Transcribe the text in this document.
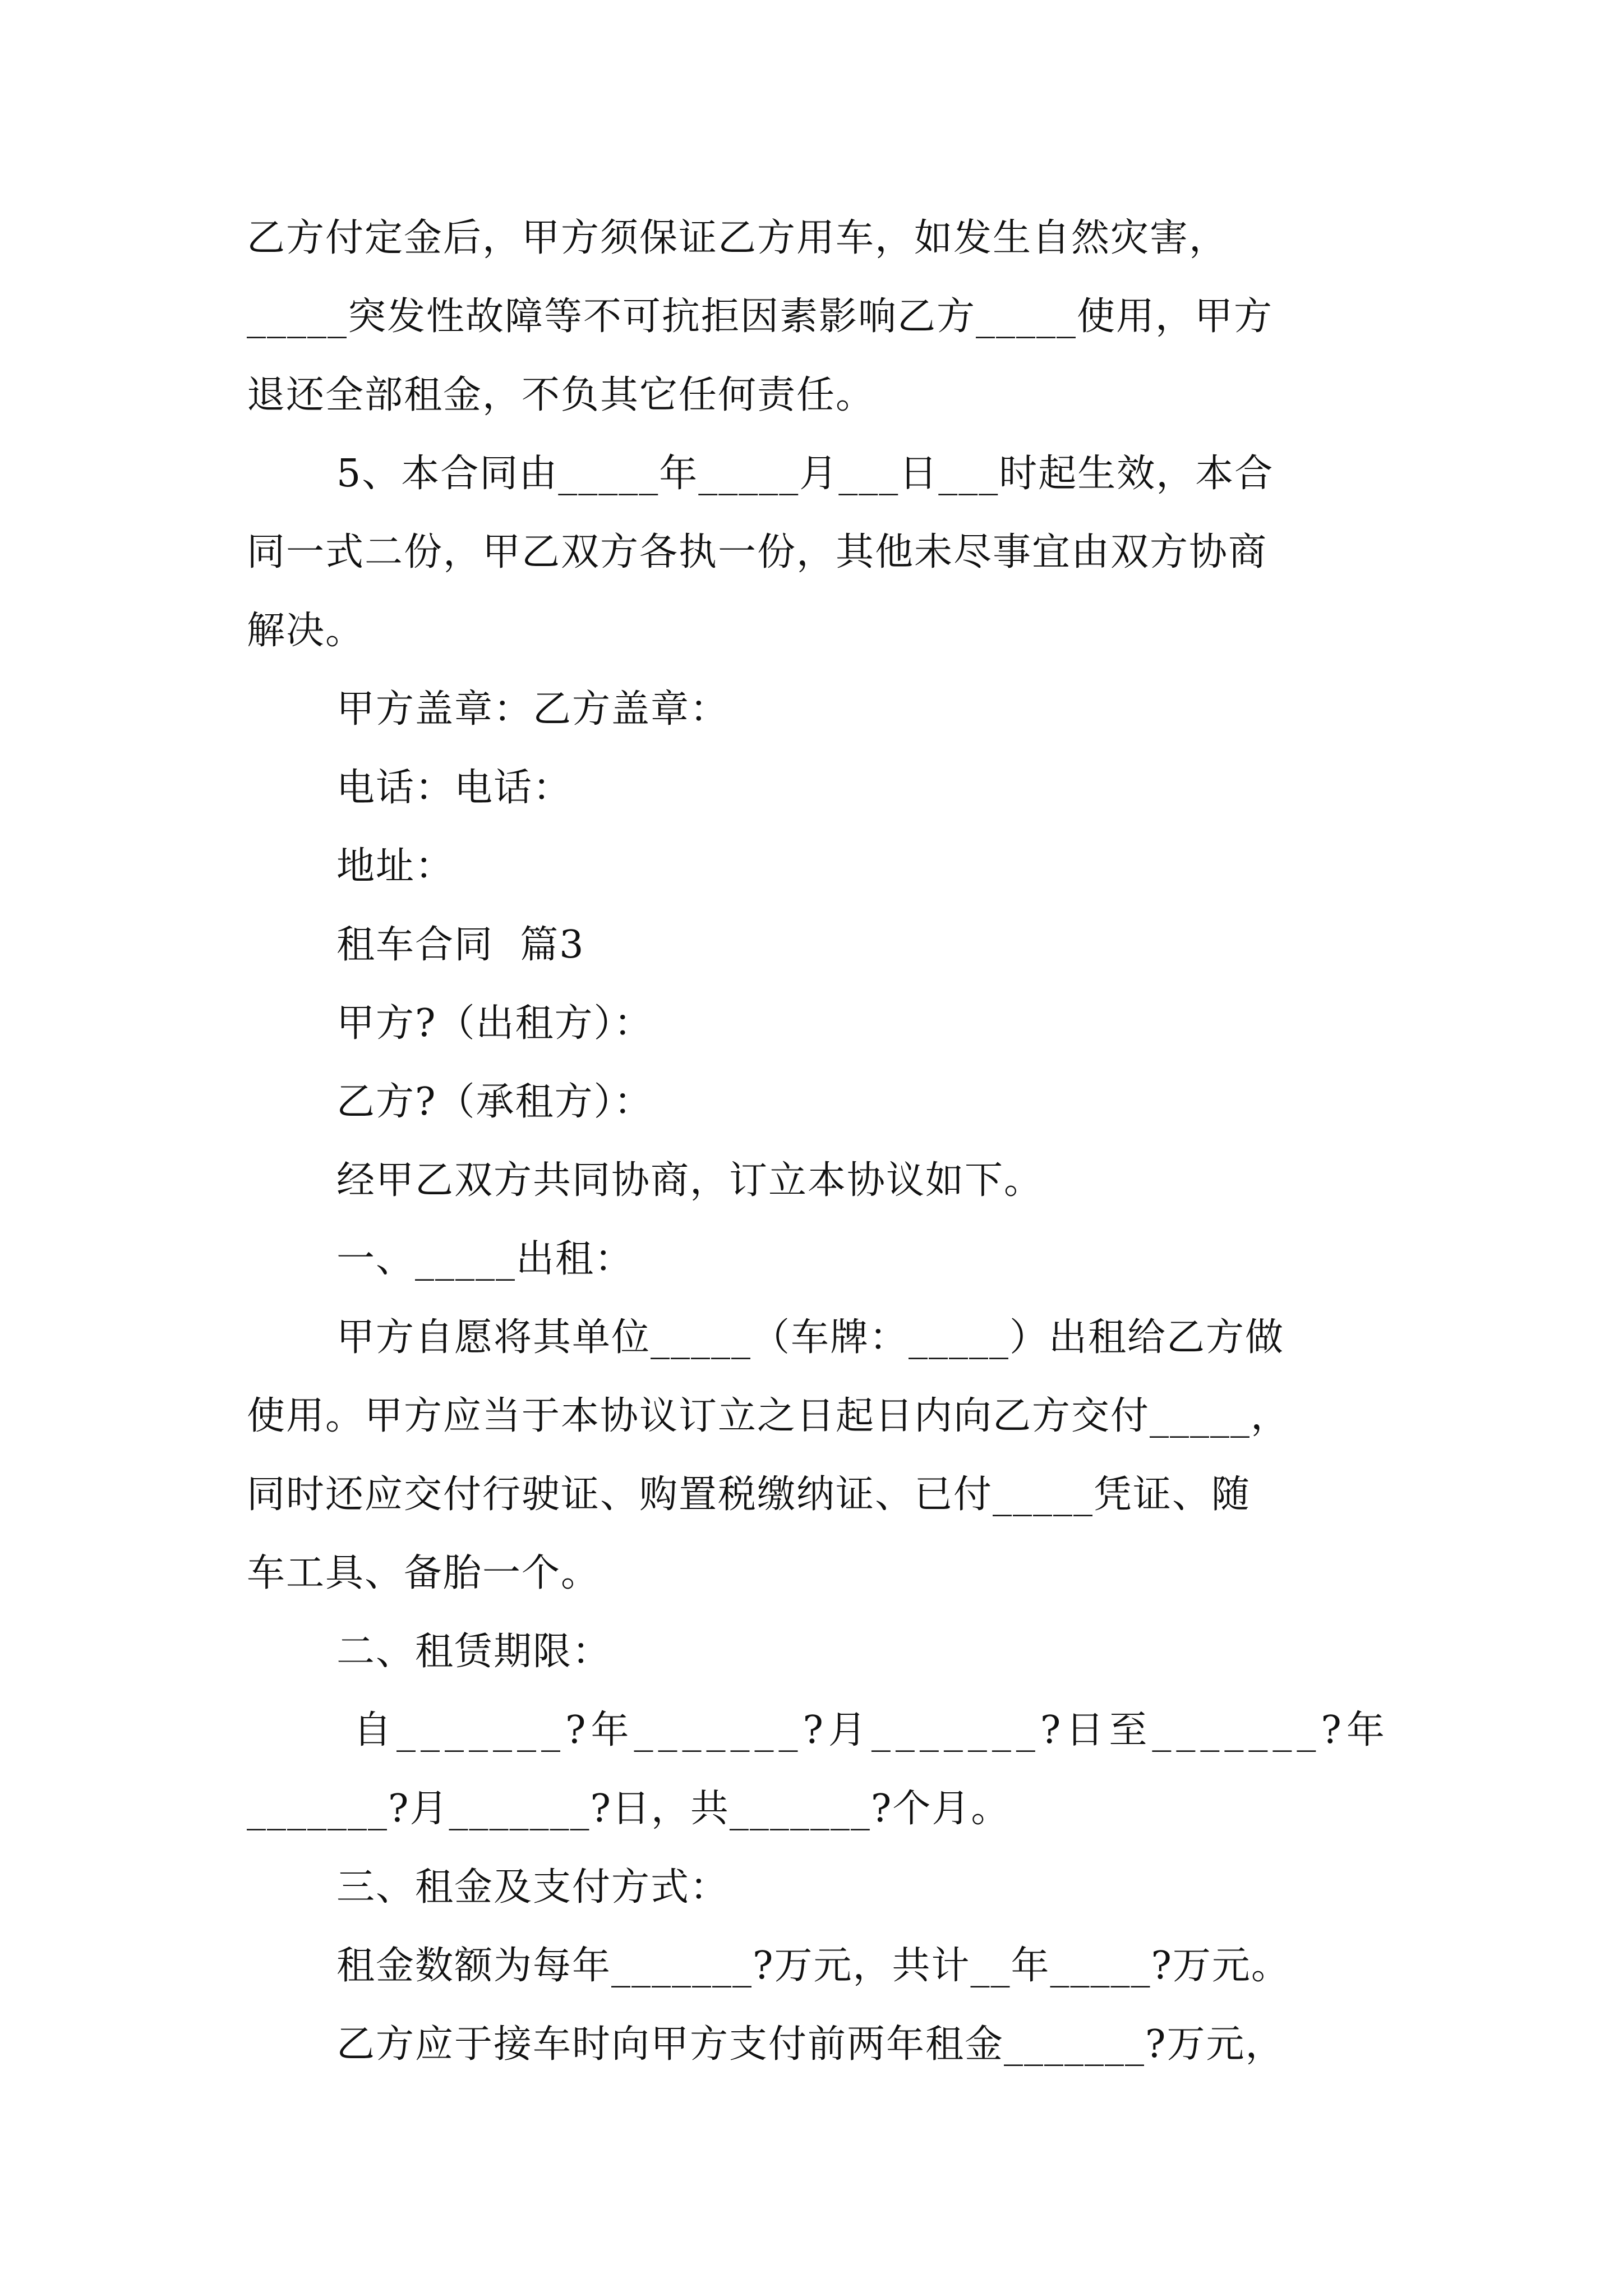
乙方付定金后，甲方须保证乙方用车，如发生自然灾害，
_____突发性故障等不可抗拒因素影响乙方_____使用，甲方
退还全部租金，不负其它任何责任。
5、本合同由_____年_____月___日___时起生效，本合
同一式二份，甲乙双方各执一份，其他未尽事宜由双方协商
解决。
甲方盖章：乙方盖章：
电话：电话：
地址：
租车合同  篇3
甲方?（出租方）：
乙方?（承租方）：
经甲乙双方共同协商，订立本协议如下。
一、_____出租：
甲方自愿将其单位_____（车牌：_____）出租给乙方做
使用。甲方应当于本协议订立之日起日内向乙方交付_____，
同时还应交付行驶证、购置税缴纳证、已付_____凭证、随
车工具、备胎一个。
二、租赁期限：
自_______?年_______?月_______?日至_______?年
_______?月_______?日，共_______?个月。
三、租金及支付方式：
租金数额为每年_______?万元，共计__年_____?万元。
乙方应于接车时向甲方支付前两年租金_______?万元，
